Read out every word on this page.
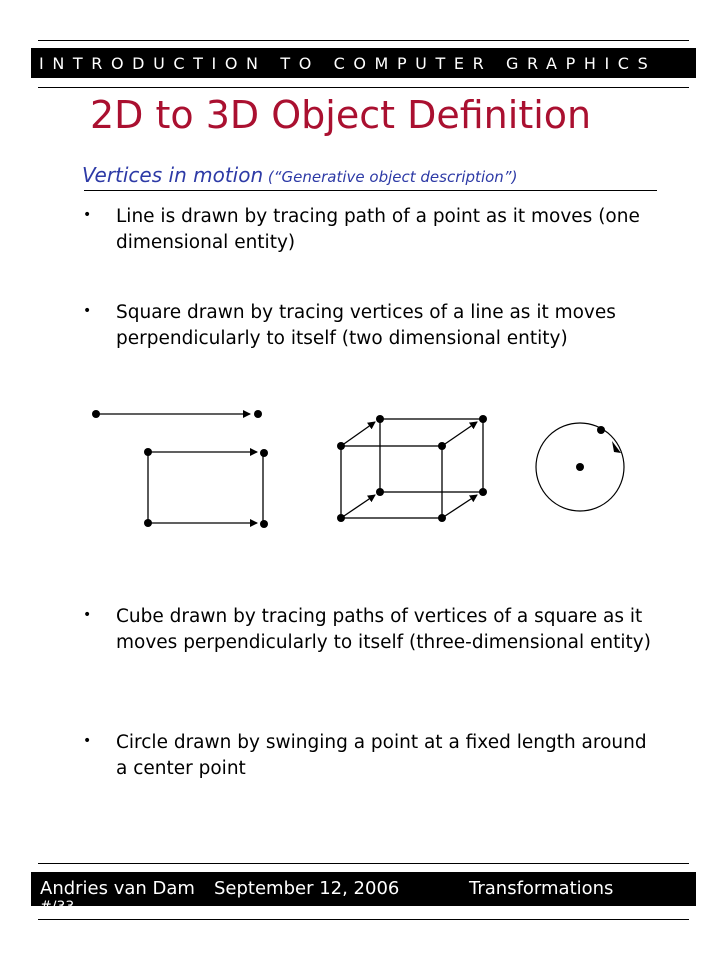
INTRODUCTION TO COMPUTER GRAPHICS
2D to 3D Object Definition
Vertices in motion (“Generative object description”)
• Line is drawn by tracing path of a point as it moves (one dimensional entity)
• Square drawn by tracing vertices of a line as it moves perpendicularly to itself (two dimensional entity)
• Cube drawn by tracing paths of vertices of a square as it moves perpendicularly to itself (three-dimensional entity)
• Circle drawn by swinging a point at a fixed length around a center point
Andries van Dam September 12, 2006	Transformations
#/33
